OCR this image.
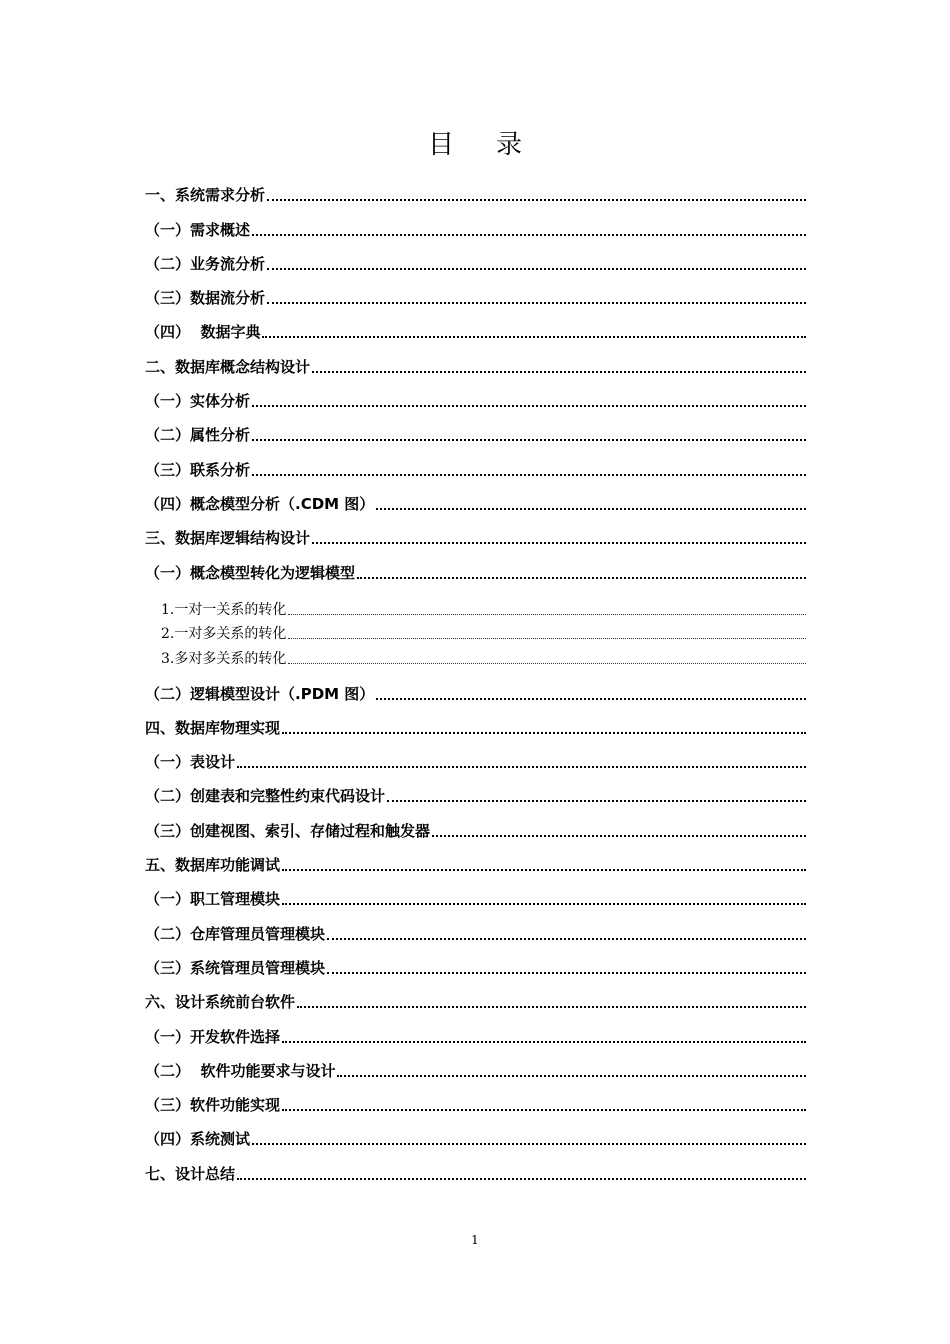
目 录
一、系统需求分析
（一）需求概述
（二）业务流分析
（三）数据流分析
（四）  数据字典
二、数据库概念结构设计
（一）实体分析
（二）属性分析
（三）联系分析
（四）概念模型分析（.CDM 图）
三、数据库逻辑结构设计
（一）概念模型转化为逻辑模型
1.一对一关系的转化
2.一对多关系的转化
3.多对多关系的转化
（二）逻辑模型设计（.PDM 图）
四、数据库物理实现
（一）表设计
（二）创建表和完整性约束代码设计
（三）创建视图、索引、存储过程和触发器
五、数据库功能调试
（一）职工管理模块
（二）仓库管理员管理模块
（三）系统管理员管理模块
六、设计系统前台软件
（一）开发软件选择
（二）  软件功能要求与设计
（三）软件功能实现
（四）系统测试
七、设计总结
1
